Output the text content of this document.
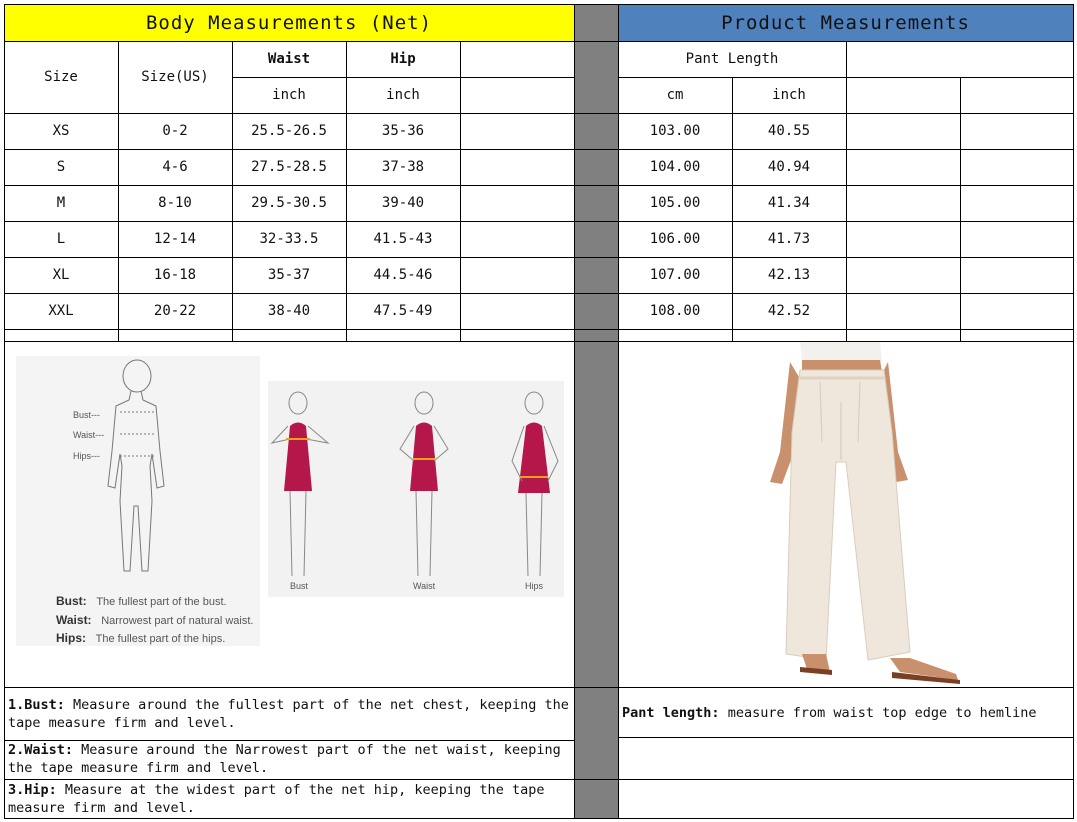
Body Measurements (Net)	Product Measurements
Size	Size(US)
Waist	Hip
inch	inch
Pant Length
cm	inch
XS	0-2	25.5-26.5	35-36	103.00	40.55
S	4-6	27.5-28.5	37-38	104.00	40.94
M	8-10	29.5-30.5	39-40	105.00	41.34
L	12-14	32-33.5	41.5-43	106.00	41.73
XL	16-18	35-37	44.5-46	107.00	42.13
XXL	20-22	38-40	47.5-49	108.00	42.52
Bust---
Waist---
Hips---
Bust: The fullest part of the bust.
Waist: Narrowest part of natural waist.
Hips: The fullest part of the hips.
Bust	Waist	Hips
1.Bust: Measure around the fullest part of the net chest, keeping the tape measure firm and level.
2.Waist: Measure around the Narrowest part of the net waist, keeping the tape measure firm and level.
3.Hip: Measure at the widest part of the net hip, keeping the tape measure firm and level.
Pant length: measure from waist top edge to hemline
